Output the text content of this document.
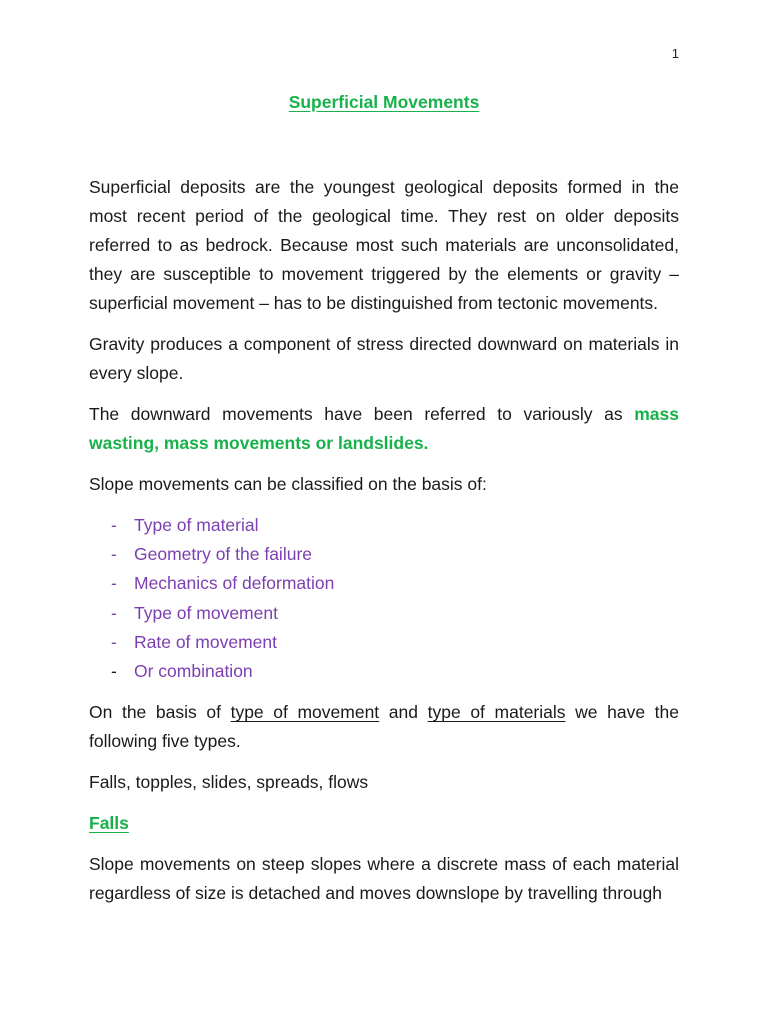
1
Superficial Movements

Superficial deposits are the youngest geological deposits formed in the most recent period of the geological time. They rest on older deposits referred to as bedrock. Because most such materials are unconsolidated, they are susceptible to movement triggered by the elements or gravity – superficial movement – has to be distinguished from tectonic movements.

Gravity produces a component of stress directed downward on materials in every slope.

The downward movements have been referred to variously as mass wasting, mass movements or landslides.

Slope movements can be classified on the basis of:

- Type of material
- Geometry of the failure
- Mechanics of deformation
- Type of movement
- Rate of movement
- Or combination

On the basis of type of movement and type of materials we have the following five types.

Falls, topples, slides, spreads, flows

Falls

Slope movements on steep slopes where a discrete mass of each material regardless of size is detached and moves downslope by travelling through
